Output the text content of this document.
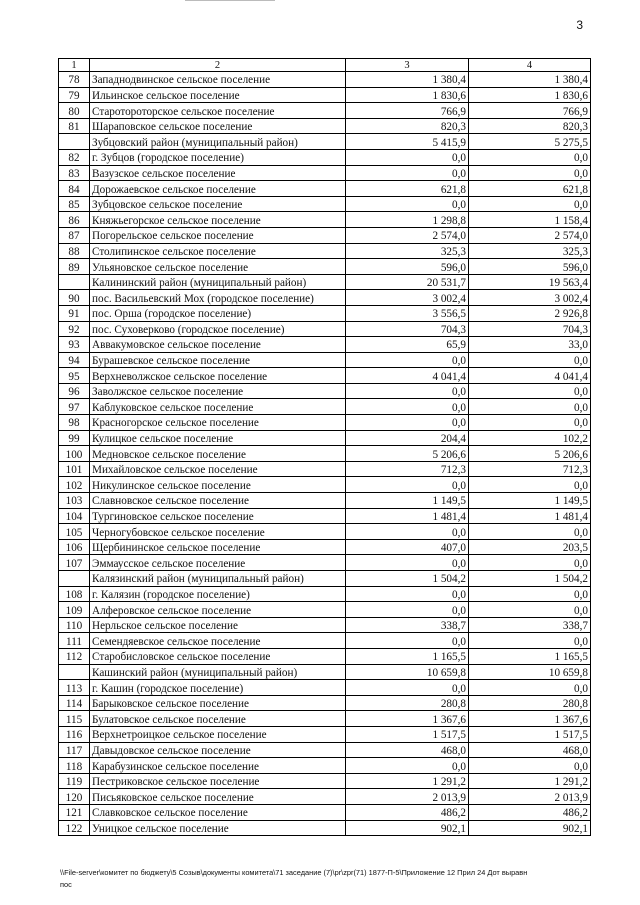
3
1	2	3	4
78	Западнодвинское сельское поселение	1 380,4	1 380,4
79	Ильинское сельское поселение	1 830,6	1 830,6
80	Старотороторское сельское поселение	766,9	766,9
81	Шараповское сельское поселение	820,3	820,3
	Зубцовский район (муниципальный район)	5 415,9	5 275,5
82	г. Зубцов (городское поселение)	0,0	0,0
83	Вазузское сельское поселение	0,0	0,0
84	Дорожаевское сельское поселение	621,8	621,8
85	Зубцовское сельское поселение	0,0	0,0
86	Княжьегорское сельское поселение	1 298,8	1 158,4
87	Погорельское сельское поселение	2 574,0	2 574,0
88	Столипинское сельское поселение	325,3	325,3
89	Ульяновское сельское поселение	596,0	596,0
	Калининский район (муниципальный район)	20 531,7	19 563,4
90	пос. Васильевский Мох (городское поселение)	3 002,4	3 002,4
91	пос. Орша (городское поселение)	3 556,5	2 926,8
92	пос. Суховерково (городское поселение)	704,3	704,3
93	Аввакумовское сельское поселение	65,9	33,0
94	Бурашевское сельское поселение	0,0	0,0
95	Верхневолжское сельское поселение	4 041,4	4 041,4
96	Заволжское сельское поселение	0,0	0,0
97	Каблуковское сельское поселение	0,0	0,0
98	Красногорское сельское поселение	0,0	0,0
99	Кулицкое сельское поселение	204,4	102,2
100	Медновское сельское поселение	5 206,6	5 206,6
101	Михайловское сельское поселение	712,3	712,3
102	Никулинское сельское поселение	0,0	0,0
103	Славновское сельское поселение	1 149,5	1 149,5
104	Тургиновское сельское поселение	1 481,4	1 481,4
105	Черногубовское сельское поселение	0,0	0,0
106	Щербининское сельское поселение	407,0	203,5
107	Эммаусское сельское поселение	0,0	0,0
	Калязинский район (муниципальный район)	1 504,2	1 504,2
108	г. Калязин (городское поселение)	0,0	0,0
109	Алферовское сельское поселение	0,0	0,0
110	Нерльское сельское поселение	338,7	338,7
111	Семендяевское сельское поселение	0,0	0,0
112	Старобисловское сельское поселение	1 165,5	1 165,5
	Кашинский район (муниципальный район)	10 659,8	10 659,8
113	г. Кашин (городское поселение)	0,0	0,0
114	Барыковское сельское поселение	280,8	280,8
115	Булатовское сельское поселение	1 367,6	1 367,6
116	Верхнетроицкое сельское поселение	1 517,5	1 517,5
117	Давыдовское сельское поселение	468,0	468,0
118	Карабузинское сельское поселение	0,0	0,0
119	Пестриковское сельское поселение	1 291,2	1 291,2
120	Письяковское сельское поселение	2 013,9	2 013,9
121	Славковское сельское поселение	486,2	486,2
122	Уницкое сельское поселение	902,1	902,1
\\File-server\комитет по бюджету\5 Созыв\документы комитета\71 заседание (7)\pr\zpr(71) 1877-П-5\Приложение 12 Прил 24 Дот выравн
пос
